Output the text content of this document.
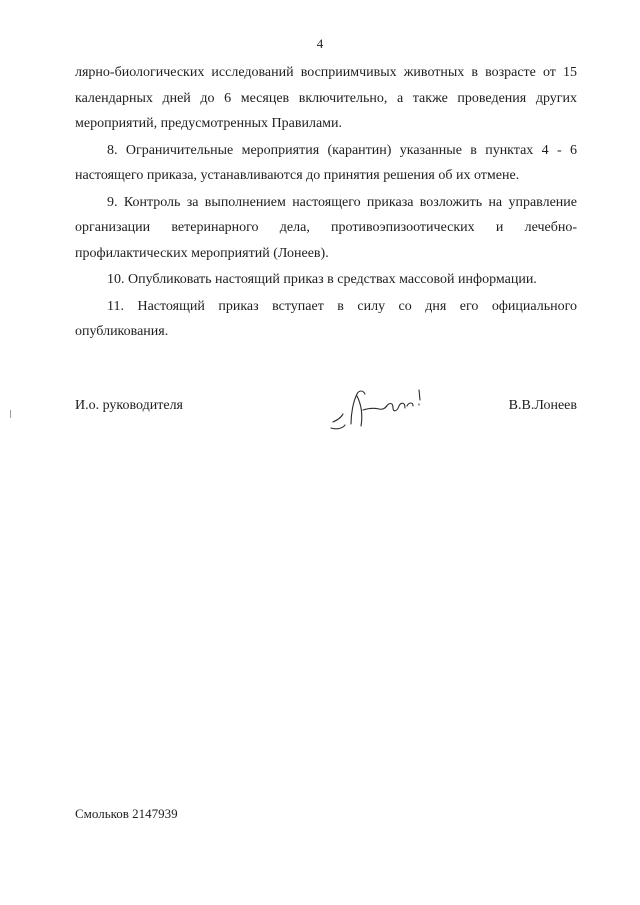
4

лярно-биологических исследований восприимчивых животных в возрасте от 15 календарных дней до 6 месяцев включительно, а также проведения других мероприятий, предусмотренных Правилами.

8. Ограничительные мероприятия (карантин) указанные в пунктах 4 - 6 настоящего приказа, устанавливаются до принятия решения об их отмене.

9. Контроль за выполнением настоящего приказа возложить на управление организации ветеринарного дела, противоэпизоотических и лечебно-профилактических мероприятий (Лонеев).

10. Опубликовать настоящий приказ в средствах массовой информации.

11. Настоящий приказ вступает в силу со дня его официального опубликования.

И.о. руководителя	В.В.Лонеев
Смольков 2147939
